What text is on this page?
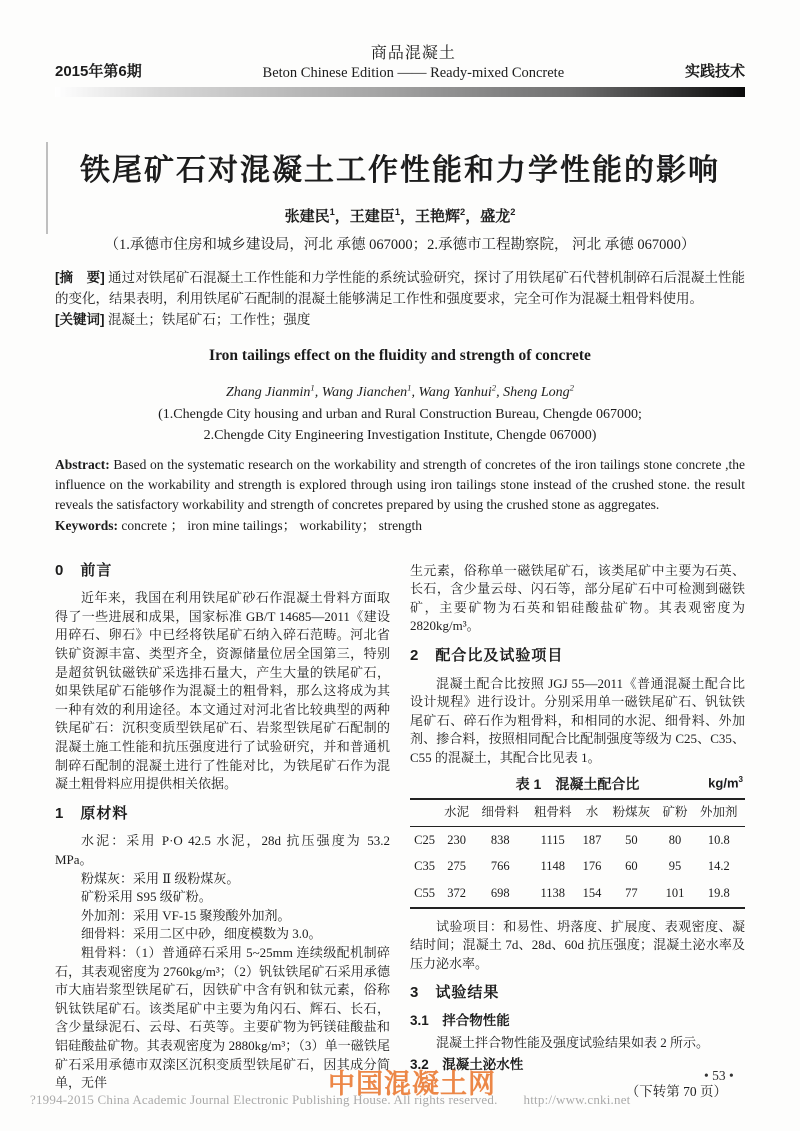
2015年第6期
商品混凝土
Beton Chinese Edition —— Ready-mixed Concrete	实践技术
铁尾矿石对混凝土工作性能和力学性能的影响
张建民$^1$，王建臣$^1$，王艳辉$^2$，盛龙$^2$
（1.承德市住房和城乡建设局，河北 承德 067000；2.承德市工程勘察院， 河北 承德 067000）

[摘　要] 通过对铁尾矿石混凝土工作性能和力学性能的系统试验研究，探讨了用铁尾矿石代替机制碎石后混凝土性能的变化，结果表明，利用铁尾矿石配制的混凝土能够满足工作性和强度要求，完全可作为混凝土粗骨料使用。

[关键词] 混凝土；铁尾矿石；工作性；强度

Iron tailings effect on the fluidity and strength of concrete
Zhang Jianmin$^1$, Wang Jianchen$^1$, Wang Yanhui$^2$, Sheng Long$^2$
(1.Chengde City housing and urban and Rural Construction Bureau, Chengde 067000;
2.Chengde City Engineering Investigation Institute, Chengde 067000)

Abstract: Based on the systematic research on the workability and strength of concretes of the iron tailings stone concrete ,the influence on the workability and strength is explored through using iron tailings stone instead of the crushed stone. the result reveals the satisfactory workability and strength of concretes prepared by using the crushed stone as aggregates.

Keywords: concrete ； iron mine tailings； workability； strength

0　前言

近年来，我国在利用铁尾矿砂石作混凝土骨料方面取得了一些进展和成果，国家标准 GB/T 14685—2011《建设用碎石、卵石》中已经将铁尾矿石纳入碎石范畴。河北省铁矿资源丰富、类型齐全，资源储量位居全国第三，特别是超贫钒钛磁铁矿采选排石量大，产生大量的铁尾矿石，如果铁尾矿石能够作为混凝土的粗骨料，那么这将成为其一种有效的利用途径。本文通过对河北省比较典型的两种铁尾矿石：沉积变质型铁尾矿石、岩浆型铁尾矿石配制的混凝土施工性能和抗压强度进行了试验研究，并和普通机制碎石配制的混凝土进行了性能对比，为铁尾矿石作为混凝土粗骨料应用提供相关依据。

1　原材料

水泥：采用 P·O 42.5 水泥，28d 抗压强度为 53.2 MPa。

粉煤灰：采用 Ⅱ 级粉煤灰。

矿粉采用 S95 级矿粉。

外加剂：采用 VF-15 聚羧酸外加剂。

细骨料：采用二区中砂，细度模数为 3.0。

粗骨料：（1）普通碎石采用 5~25mm 连续级配机制碎石，其表观密度为 2760kg/m³；（2）钒钛铁尾矿石采用承德市大庙岩浆型铁尾矿石，因铁矿中含有钒和钛元素，俗称钒钛铁尾矿石。该类尾矿中主要为角闪石、辉石、长石，含少量绿泥石、云母、石英等。主要矿物为钙镁硅酸盐和铝硅酸盐矿物。其表观密度为 2880kg/m³；（3）单一磁铁尾矿石采用承德市双滦区沉积变质型铁尾矿石，因其成分简单，无伴

生元素，俗称单一磁铁尾矿石，该类尾矿中主要为石英、长石，含少量云母、闪石等，部分尾矿石中可检测到磁铁矿，主要矿物为石英和铝硅酸盐矿物。其表观密度为 2820kg/m³。

2　配合比及试验项目

混凝土配合比按照 JGJ 55—2011《普通混凝土配合比设计规程》进行设计。分别采用单一磁铁尾矿石、钒钛铁尾矿石、碎石作为粗骨料，和相同的水泥、细骨料、外加剂、掺合料，按照相同配合比配制强度等级为 C25、C35、C55 的混凝土，其配合比见表 1。

表 1　混凝土配合比	$kg/m^3$
	水泥	细骨料	粗骨料	水	粉煤灰	矿粉	外加剂
C25	230	838	1115	187	50	80	10.8
C35	275	766	1148	176	60	95	14.2
C55	372	698	1138	154	77	101	19.8

试验项目：和易性、坍落度、扩展度、表观密度、凝结时间；混凝土 7d、28d、60d 抗压强度；混凝土泌水率及压力泌水率。

3　试验结果
3.1　拌合物性能

混凝土拌合物性能及强度试验结果如表 2 所示。

3.2　混凝土泌水性

（下转第 70 页）

中国混凝土网	• 53 •
?1994-2015 China Academic Journal Electronic Publishing House. All rights reserved. http://www.cnki.net
